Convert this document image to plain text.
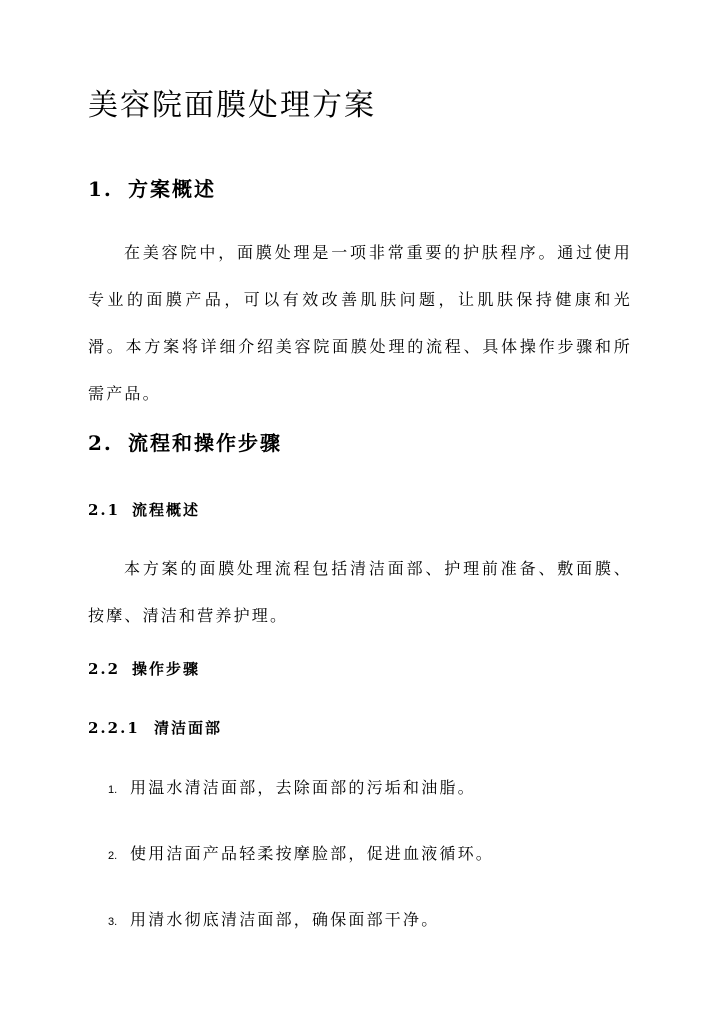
美容院面膜处理方案
1. 方案概述

在美容院中，面膜处理是一项非常重要的护肤程序。通过使用专业的面膜产品，可以有效改善肌肤问题，让肌肤保持健康和光滑。本方案将详细介绍美容院面膜处理的流程、具体操作步骤和所需产品。

2. 流程和操作步骤
2.1 流程概述

本方案的面膜处理流程包括清洁面部、护理前准备、敷面膜、按摩、清洁和营养护理。

2.2 操作步骤
2.2.1 清洁面部
1. 用温水清洁面部，去除面部的污垢和油脂。
2. 使用洁面产品轻柔按摩脸部，促进血液循环。
3. 用清水彻底清洁面部，确保面部干净。
